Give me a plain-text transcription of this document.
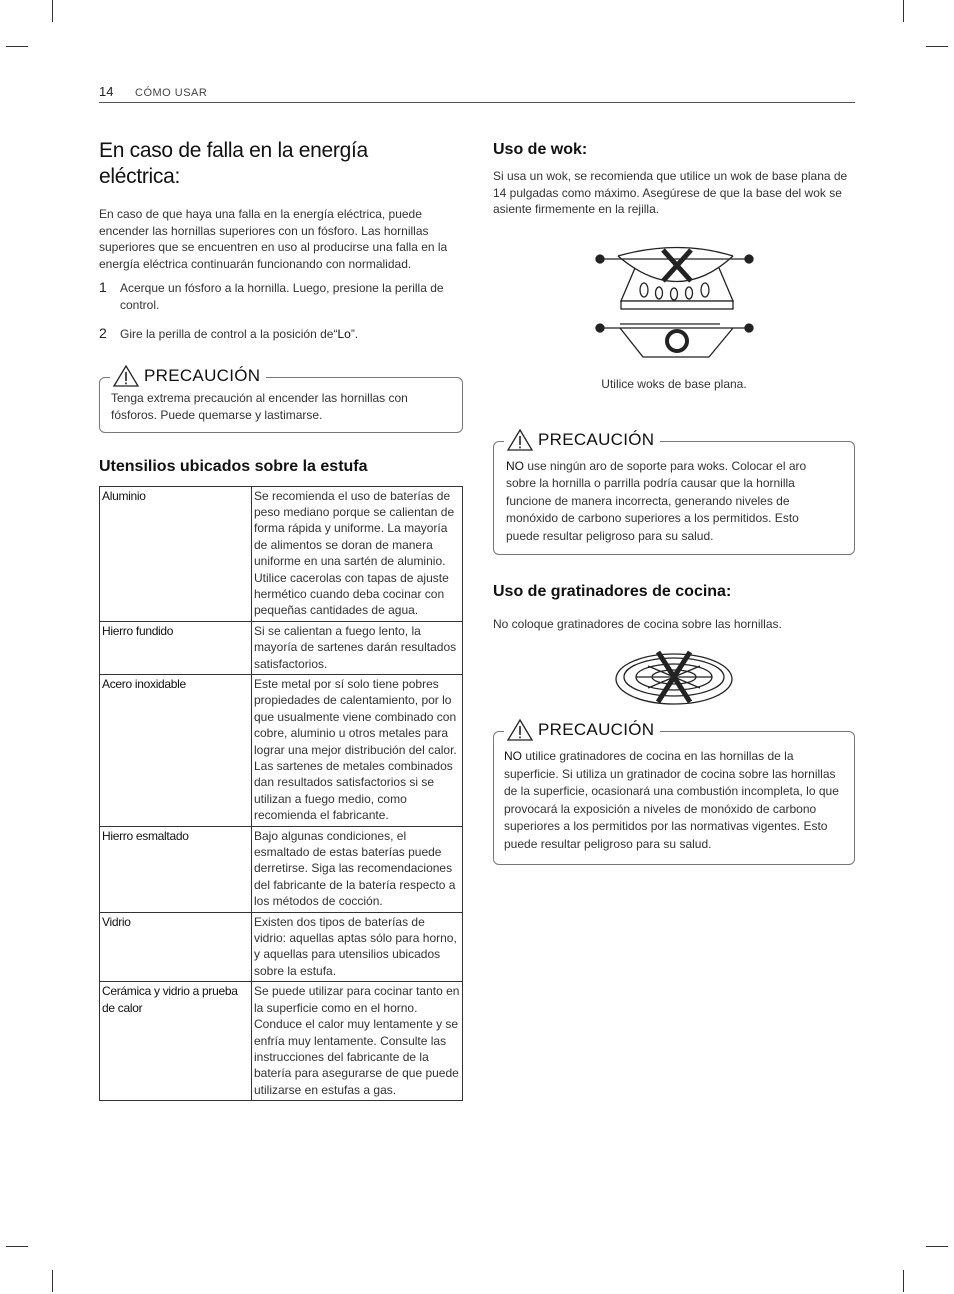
14 CÓMO USAR
En caso de falla en la energía eléctrica:

En caso de que haya una falla en la energía eléctrica, puede encender las hornillas superiores con un fósforo. Las hornillas superiores que se encuentren en uso al producirse una falla en la energía eléctrica continuarán funcionando con normalidad.

1 Acerque un fósforo a la hornilla. Luego, presione la perilla de control.
2 Gire la perilla de control a la posición de“Lo”.
PRECAUCIÓN
Tenga extrema precaución al encender las hornillas con fósforos. Puede quemarse y lastimarse.
Utensilios ubicados sobre la estufa
Aluminio	Se recomienda el uso de baterías de peso mediano porque se calientan de forma rápida y uniforme. La mayoría de alimentos se doran de manera uniforme en una sartén de aluminio. Utilice cacerolas con tapas de ajuste hermético cuando deba cocinar con pequeñas cantidades de agua.
Hierro fundido	Si se calientan a fuego lento, la mayoría de sartenes darán resultados satisfactorios.
Acero inoxidable	Este metal por sí solo tiene pobres propiedades de calentamiento, por lo que usualmente viene combinado con cobre, aluminio u otros metales para lograr una mejor distribución del calor. Las sartenes de metales combinados dan resultados satisfactorios si se utilizan a fuego medio, como recomienda el fabricante.
Hierro esmaltado	Bajo algunas condiciones, el esmaltado de estas baterías puede derretirse. Siga las recomendaciones del fabricante de la batería respecto a los métodos de cocción.
Vidrio	Existen dos tipos de baterías de vidrio: aquellas aptas sólo para horno, y aquellas para utensilios ubicados sobre la estufa.
Cerámica y vidrio a prueba de calor	Se puede utilizar para cocinar tanto en la superficie como en el horno. Conduce el calor muy lentamente y se enfría muy lentamente. Consulte las instrucciones del fabricante de la batería para asegurarse de que puede utilizarse en estufas a gas.
Uso de wok:

Si usa un wok, se recomienda que utilice un wok de base plana de 14 pulgadas como máximo. Asegúrese de que la base del wok se asiente firmemente en la rejilla.

Utilice woks de base plana.
PRECAUCIÓN
NO use ningún aro de soporte para woks. Colocar el aro sobre la hornilla o parrilla podría causar que la hornilla funcione de manera incorrecta, generando niveles de monóxido de carbono superiores a los permitidos. Esto puede resultar peligroso para su salud.
Uso de gratinadores de cocina:

No coloque gratinadores de cocina sobre las hornillas.

PRECAUCIÓN
NO utilice gratinadores de cocina en las hornillas de la superficie. Si utiliza un gratinador de cocina sobre las hornillas de la superficie, ocasionará una combustión incompleta, lo que provocará la exposición a niveles de monóxido de carbono superiores a los permitidos por las normativas vigentes. Esto puede resultar peligroso para su salud.
